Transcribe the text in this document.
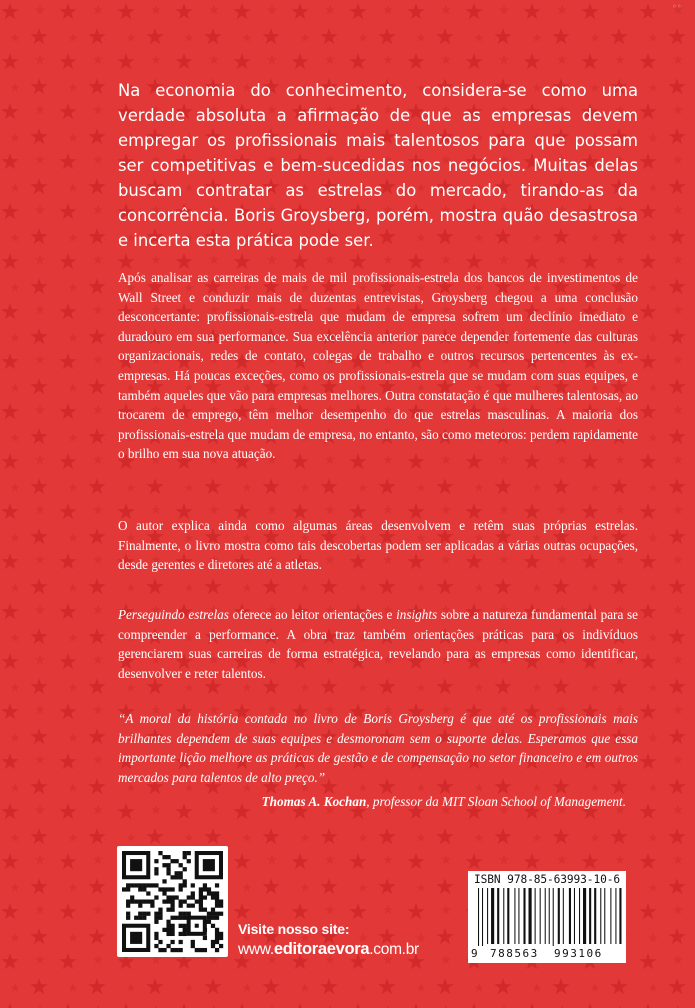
◦◦

Na economia do conhecimento, considera-se como uma verdade absoluta a afirmação de que as empresas devem empregar os profissionais mais talentosos para que possam ser competitivas e bem-sucedidas nos negócios. Muitas delas buscam contratar as estrelas do mercado, tirando-as da concorrência. Boris Groysberg, porém, mostra quão desastrosa e incerta esta prática pode ser.

Após analisar as carreiras de mais de mil profissionais-estrela dos bancos de investimentos de Wall Street e conduzir mais de duzentas entrevistas, Groysberg chegou a uma conclusão desconcertante: profissionais-estrela que mudam de empresa sofrem um declínio imediato e duradouro em sua performance. Sua excelência anterior parece depender fortemente das culturas organizacionais, redes de contato, colegas de trabalho e outros recursos pertencentes às ex-empresas. Há poucas exceções, como os profissionais-estrela que se mudam com suas equipes, e também aqueles que vão para empresas melhores. Outra constatação é que mulheres talentosas, ao trocarem de emprego, têm melhor desempenho do que estrelas masculinas. A maioria dos profissionais-estrela que mudam de empresa, no entanto, são como meteoros: perdem rapidamente o brilho em sua nova atuação.

O autor explica ainda como algumas áreas desenvolvem e retêm suas próprias estrelas. Finalmente, o livro mostra como tais descobertas podem ser aplicadas a várias outras ocupações, desde gerentes e diretores até a atletas.

Perseguindo estrelas oferece ao leitor orientações e insights sobre a natureza fundamental para se compreender a performance. A obra traz também orientações práticas para os indivíduos gerenciarem suas carreiras de forma estratégica, revelando para as empresas como identificar, desenvolver e reter talentos.

“A moral da história contada no livro de Boris Groysberg é que até os profissionais mais brilhantes dependem de suas equipes e desmoronam sem o suporte delas. Esperamos que essa importante lição melhore as práticas de gestão e de compensação no setor financeiro e em outros mercados para talentos de alto preço.”

Thomas A. Kochan, professor da MIT Sloan School of Management.

Visite nosso site:

www.editoraevora.com.br

ISBN 978-85-63993-10-6
9 788563 993106
